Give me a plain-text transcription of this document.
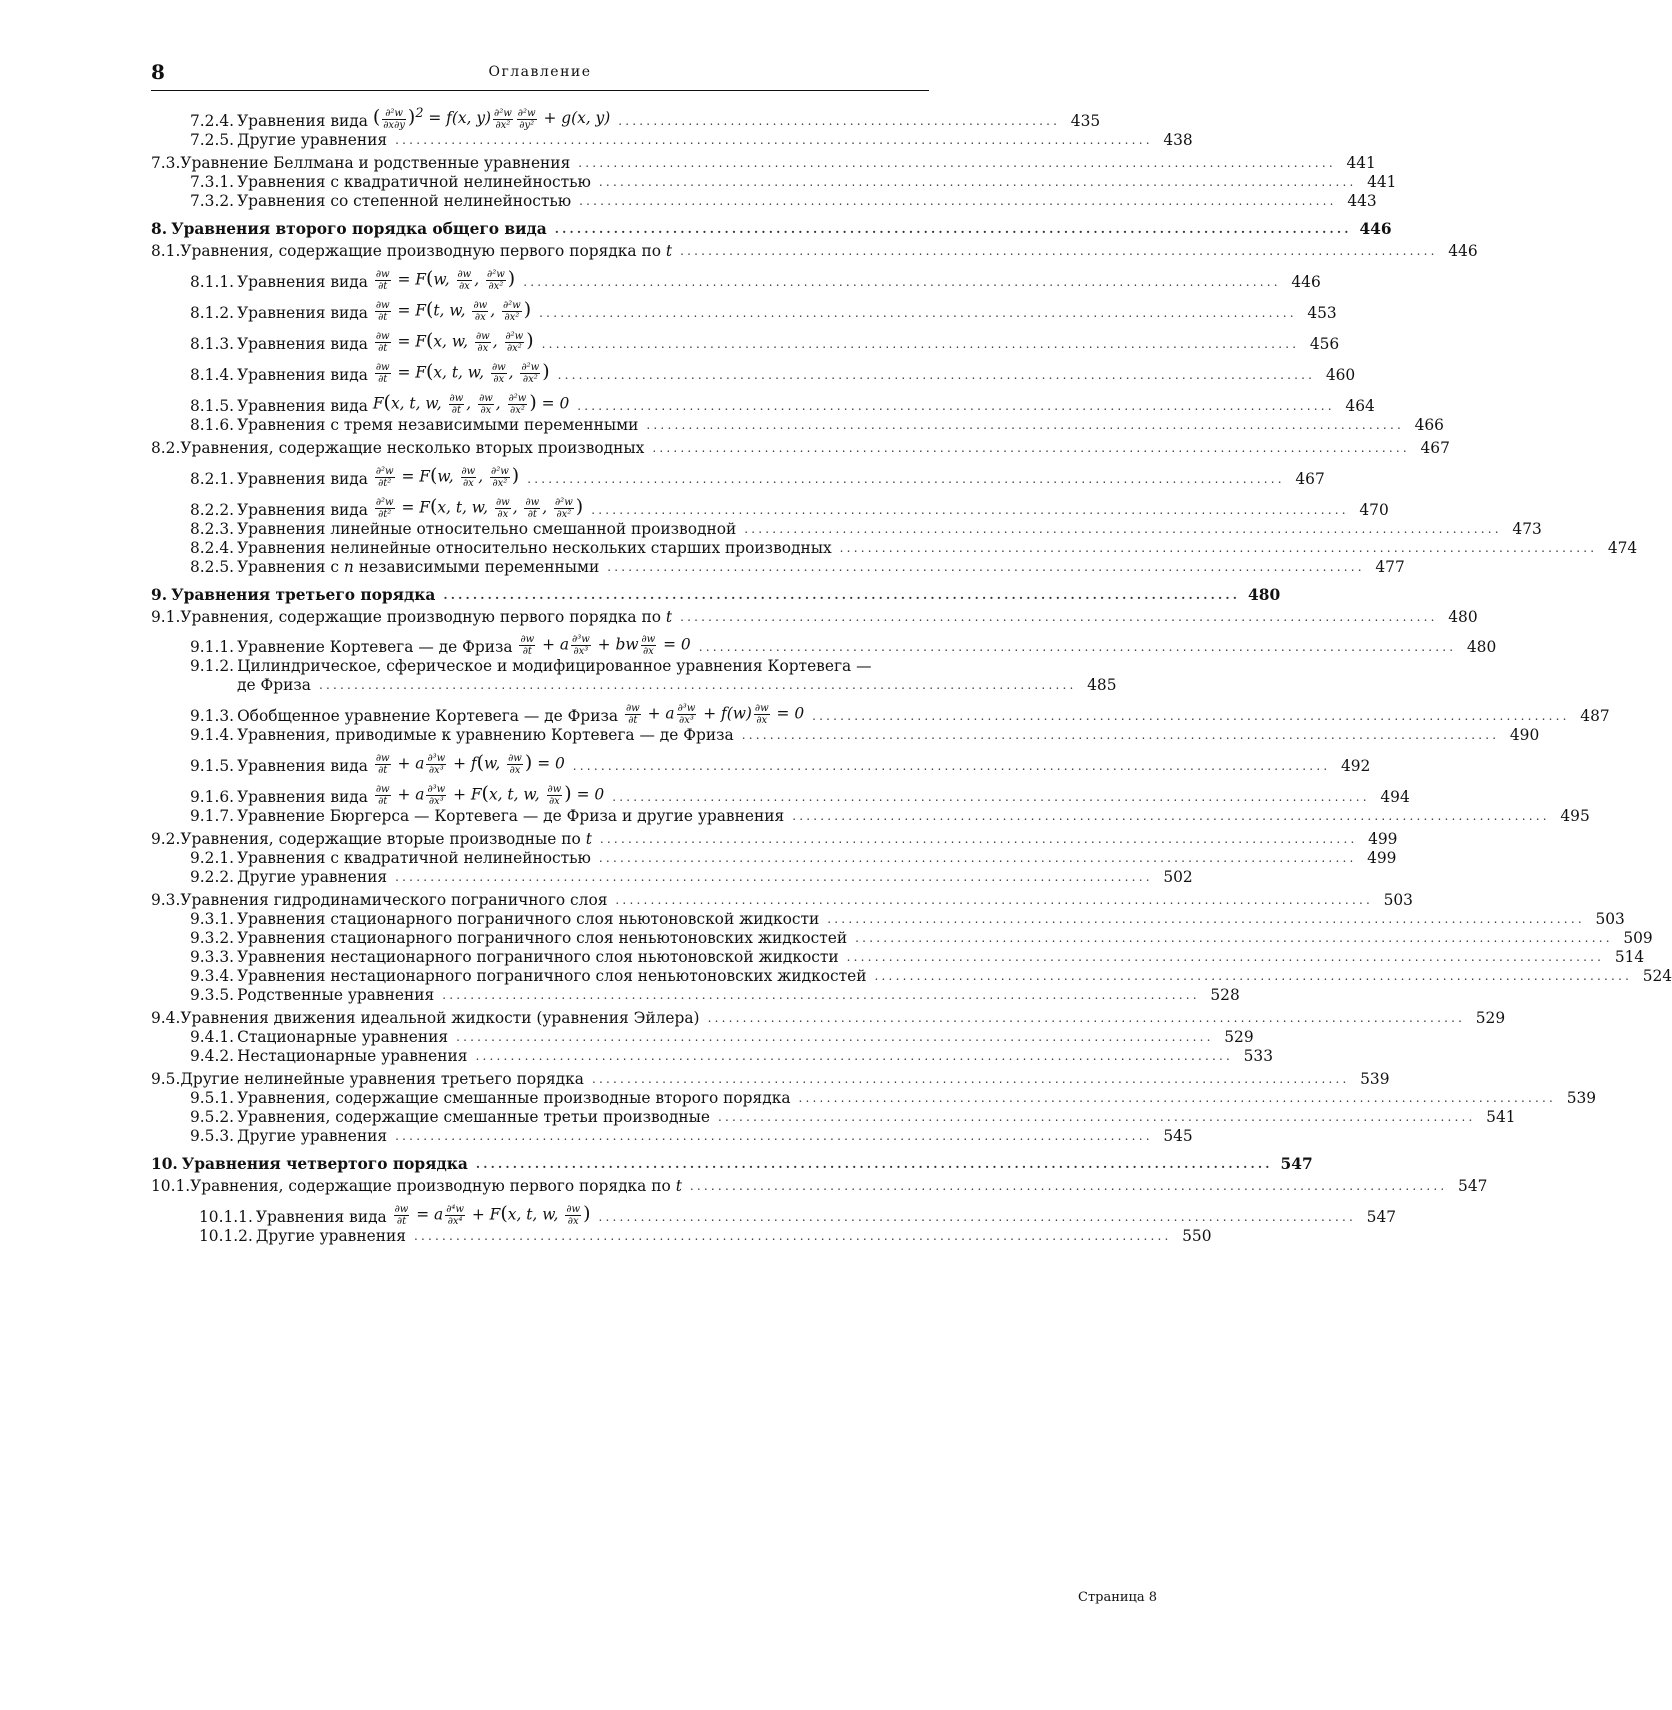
8	Оглавление
7.2.4. Уравнения вида
( $\frac{\text{∂²w}}{\partial x\partial y} )^2 = f(x$, $y) \frac{\text{∂²w}}{\text{∂x²}} \frac{\text{∂²w}}{\text{∂y²}} + g(x$, y) ............................................................... 435
7.2.5. Другие уравнения ............................................................................................................ 438
7.3. Уравнение Беллмана и родственные уравнения ............................................................................................................ 441
7.3.1. Уравнения с квадратичной нелинейностью ............................................................................................................ 441
7.3.2. Уравнения со степенной нелинейностью ............................................................................................................ 443
8. Уравнения второго порядка общего вида ............................................................................................................ 446
8.1. Уравнения, содержащие производную первого порядка по
t ............................................................................................................ 446
8.1.1. Уравнения вида
$\frac{\partial w}{\partial t} = F(w$, $\frac{\partial w}{\partial x}$ , $\frac{\text{∂²w}}{\text{∂x²}}$ ) ............................................................................................................ 446
8.1.2. Уравнения вида
$\frac{\partial w}{\partial t} = F(t$, w, $\frac{\partial w}{\partial x}$ , $\frac{\text{∂²w}}{\text{∂x²}}$ ) ............................................................................................................ 453
8.1.3. Уравнения вида
$\frac{\partial w}{\partial t} = F(x$, w, $\frac{\partial w}{\partial x}$ , $\frac{\text{∂²w}}{\text{∂x²}}$ ) ............................................................................................................ 456
8.1.4. Уравнения вида
$\frac{\partial w}{\partial t} = F(x$, t, w, $\frac{\partial w}{\partial x}$ , $\frac{\text{∂²w}}{\text{∂x²}}$ ) ............................................................................................................ 460
8.1.5. Уравнения вида
F(x, t, w, $\frac{\partial w}{\partial t}$ , $\frac{\partial w}{\partial x}$ , $\frac{\text{∂²w}}{\text{∂x²}}$ ) = 0 ............................................................................................................ 464
8.1.6. Уравнения с тремя независимыми переменными ............................................................................................................ 466
8.2. Уравнения, содержащие несколько вторых производных ............................................................................................................ 467
8.2.1. Уравнения вида
$\frac{\text{∂²w}}{\text{∂t²}} = F(w$, $\frac{\partial w}{\partial x}$ , $\frac{\text{∂²w}}{\text{∂x²}}$ ) ............................................................................................................ 467
8.2.2. Уравнения вида
$\frac{\text{∂²w}}{\text{∂t²}} = F(x$, t, w, $\frac{\partial w}{\partial x}$ , $\frac{\partial w}{\partial t}$ , $\frac{\text{∂²w}}{\text{∂x²}}$ ) ............................................................................................................ 470
8.2.3. Уравнения линейные относительно смешанной производной ............................................................................................................ 473
8.2.4. Уравнения нелинейные относительно нескольких старших производных ............................................................................................................ 474
8.2.5. Уравнения с
n
независимыми переменными ............................................................................................................ 477
9. Уравнения третьего порядка ............................................................................................................ 480
9.1. Уравнения, содержащие производную первого порядка по
t ............................................................................................................ 480
9.1.1. Уравнение Кортевега — де Фриза
$\frac{\partial w}{\partial t} + a \frac{\text{∂³w}}{\text{∂x³}}$ + bw $\frac{\partial w}{\partial x} = 0$ ............................................................................................................ 480
9.1.2. Цилиндрическое, сферическое и модифицированное уравнения Кортевега —
де Фриза ............................................................................................................ 485
9.1.3. Обобщенное уравнение Кортевега — де Фриза
$\frac{\partial w}{\partial t} + a \frac{\text{∂³w}}{\text{∂x³}} + f(w) \frac{\partial w}{\partial x} = 0$ ............................................................................................................ 487
9.1.4. Уравнения, приводимые к уравнению Кортевега — де Фриза ............................................................................................................ 490
9.1.5. Уравнения вида
$\frac{\partial w}{\partial t} + a \frac{\text{∂³w}}{\text{∂x³}} + f(w$, $\frac{\partial w}{\partial x}$ ) = 0 ............................................................................................................ 492
9.1.6. Уравнения вида
$\frac{\partial w}{\partial t} + a \frac{\text{∂³w}}{\text{∂x³}} + F(x$, t, w, $\frac{\partial w}{\partial x}$ ) = 0 ............................................................................................................ 494
9.1.7. Уравнение Бюргерса — Кортевега — де Фриза и другие уравнения ............................................................................................................ 495
9.2. Уравнения, содержащие вторые производные по
t ............................................................................................................ 499
9.2.1. Уравнения с квадратичной нелинейностью ............................................................................................................ 499
9.2.2. Другие уравнения ............................................................................................................ 502
9.3. Уравнения гидродинамического пограничного слоя ............................................................................................................ 503
9.3.1. Уравнения стационарного пограничного слоя ньютоновской жидкости ............................................................................................................ 503
9.3.2. Уравнения стационарного пограничного слоя неньютоновских жидкостей ............................................................................................................ 509
9.3.3. Уравнения нестационарного пограничного слоя ньютоновской жидкости ............................................................................................................ 514
9.3.4. Уравнения нестационарного пограничного слоя неньютоновских жидкостей ............................................................................................................ 524
9.3.5. Родственные уравнения ............................................................................................................ 528
9.4. Уравнения движения идеальной жидкости (уравнения Эйлера) ............................................................................................................ 529
9.4.1. Стационарные уравнения ............................................................................................................ 529
9.4.2. Нестационарные уравнения ............................................................................................................ 533
9.5. Другие нелинейные уравнения третьего порядка ............................................................................................................ 539
9.5.1. Уравнения, содержащие смешанные производные второго порядка ............................................................................................................ 539
9.5.2. Уравнения, содержащие смешанные третьи производные ............................................................................................................ 541
9.5.3. Другие уравнения ............................................................................................................ 545
10. Уравнения четвертого порядка ............................................................................................................ 547
10.1. Уравнения, содержащие производную первого порядка по
t ............................................................................................................ 547
10.1.1. Уравнения вида
$\frac{\partial w}{\partial t} = a \frac{\text{∂⁴w}}{\text{∂x⁴}} + F(x$, t, w, $\frac{\partial w}{\partial x}$ ) ............................................................................................................ 547
10.1.2. Другие уравнения ............................................................................................................ 550
Страница 8
